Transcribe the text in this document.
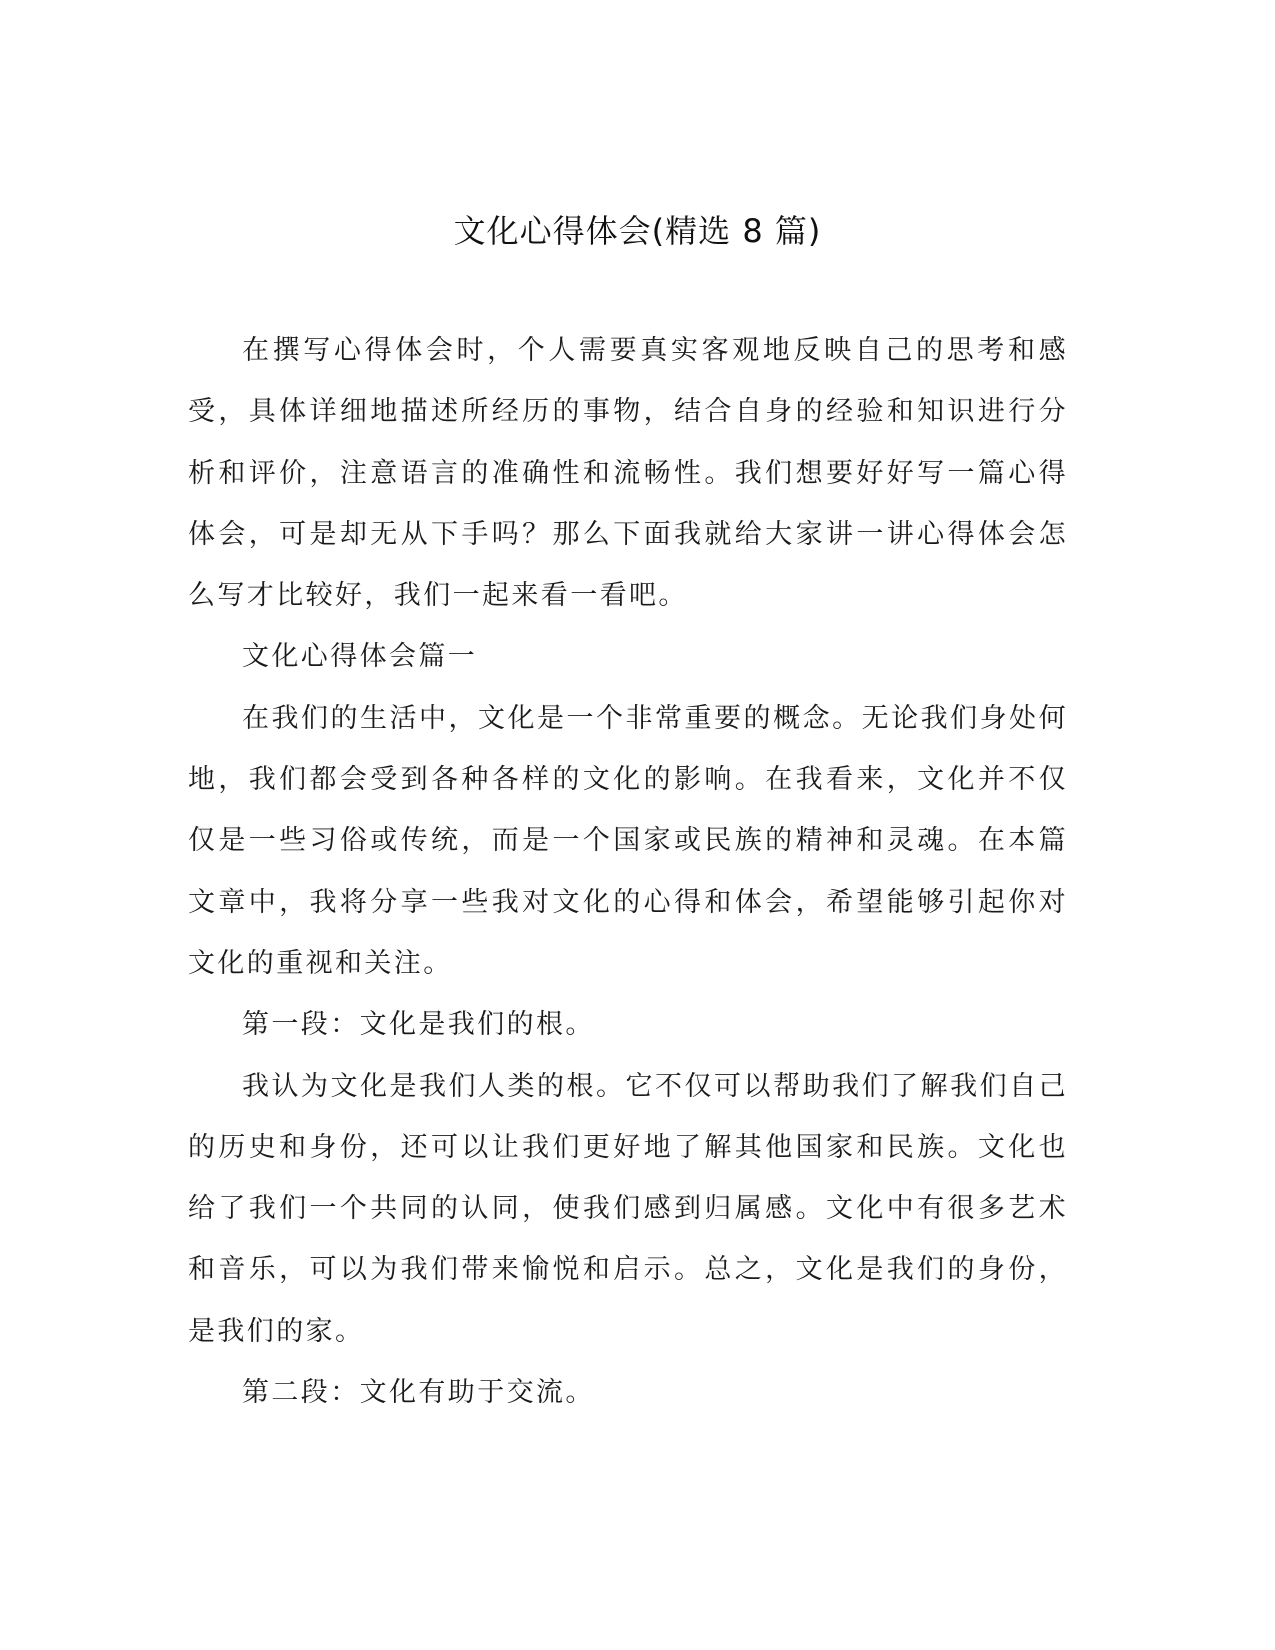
文化心得体会(精选 8 篇)

在撰写心得体会时，个人需要真实客观地反映自己的思考和感受，具体详细地描述所经历的事物，结合自身的经验和知识进行分析和评价，注意语言的准确性和流畅性。我们想要好好写一篇心得体会，可是却无从下手吗？那么下面我就给大家讲一讲心得体会怎么写才比较好，我们一起来看一看吧。

文化心得体会篇一

在我们的生活中，文化是一个非常重要的概念。无论我们身处何地，我们都会受到各种各样的文化的影响。在我看来，文化并不仅仅是一些习俗或传统，而是一个国家或民族的精神和灵魂。在本篇文章中，我将分享一些我对文化的心得和体会，希望能够引起你对文化的重视和关注。

第一段：文化是我们的根。

我认为文化是我们人类的根。它不仅可以帮助我们了解我们自己的历史和身份，还可以让我们更好地了解其他国家和民族。文化也给了我们一个共同的认同，使我们感到归属感。文化中有很多艺术和音乐，可以为我们带来愉悦和启示。总之，文化是我们的身份，是我们的家。

第二段：文化有助于交流。
